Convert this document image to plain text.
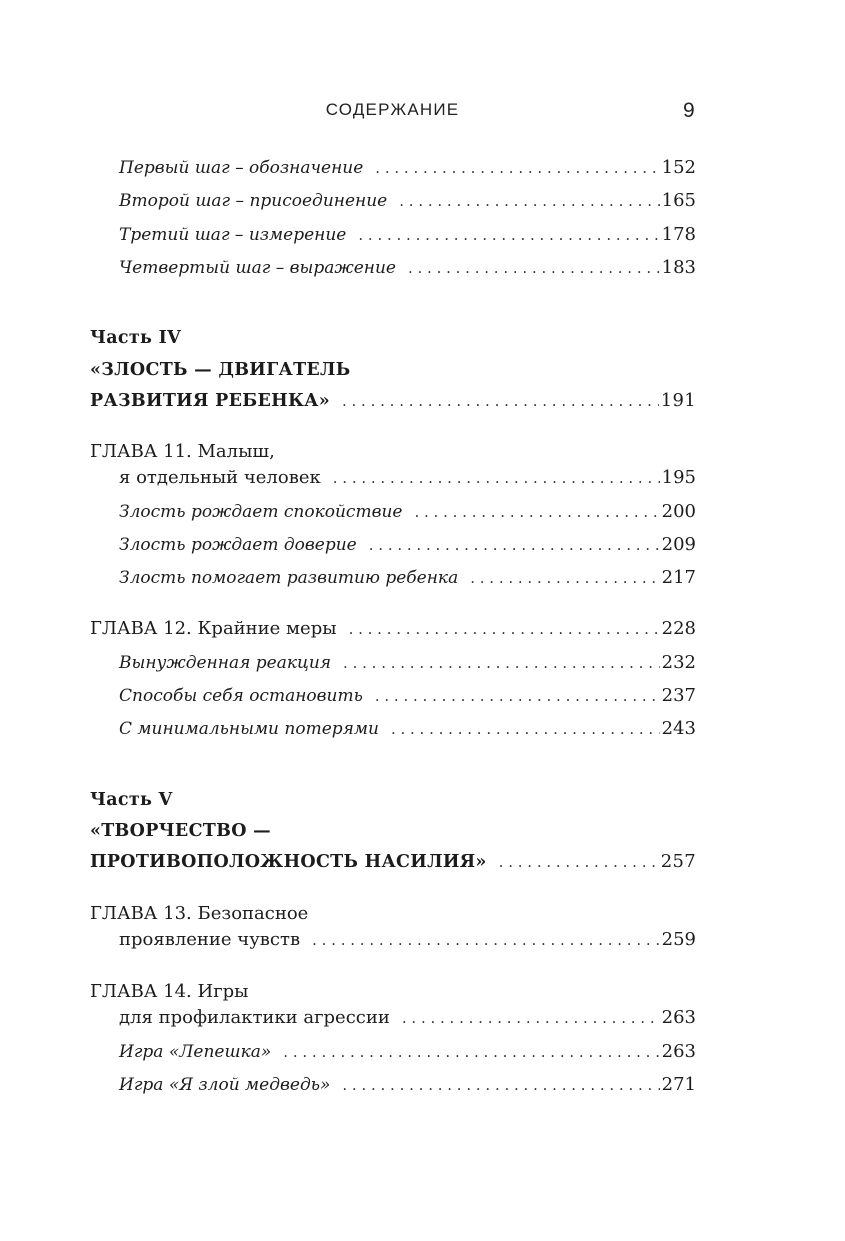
СОДЕРЖАНИЕ	9
Первый шаг – обозначение . . .	152
Второй шаг – присоединение . . .	165
Третий шаг – измерение . . .	178
Четвертый шаг – выражение . . .	183
Часть IV
«ЗЛОСТЬ — ДВИГАТЕЛЬ
РАЗВИТИЯ РЕБЕНКА» . . .	191
ГЛАВА 11. Малыш,
я отдельный человек . . .	195
Злость рождает спокойствие . . .	200
Злость рождает доверие . . .	209
Злость помогает развитию ребенка . . .	217
ГЛАВА 12. Крайние меры . . .	228
Вынужденная реакция . . .	232
Способы себя остановить . . .	237
С минимальными потерями . . .	243
Часть V
«ТВОРЧЕСТВО —
ПРОТИВОПОЛОЖНОСТЬ НАСИЛИЯ» . . .	257
ГЛАВА 13. Безопасное
проявление чувств . . .	259
ГЛАВА 14. Игры
для профилактики агрессии . . .	263
Игра «Лепешка» . . .	263
Игра «Я злой медведь» . . .	271
